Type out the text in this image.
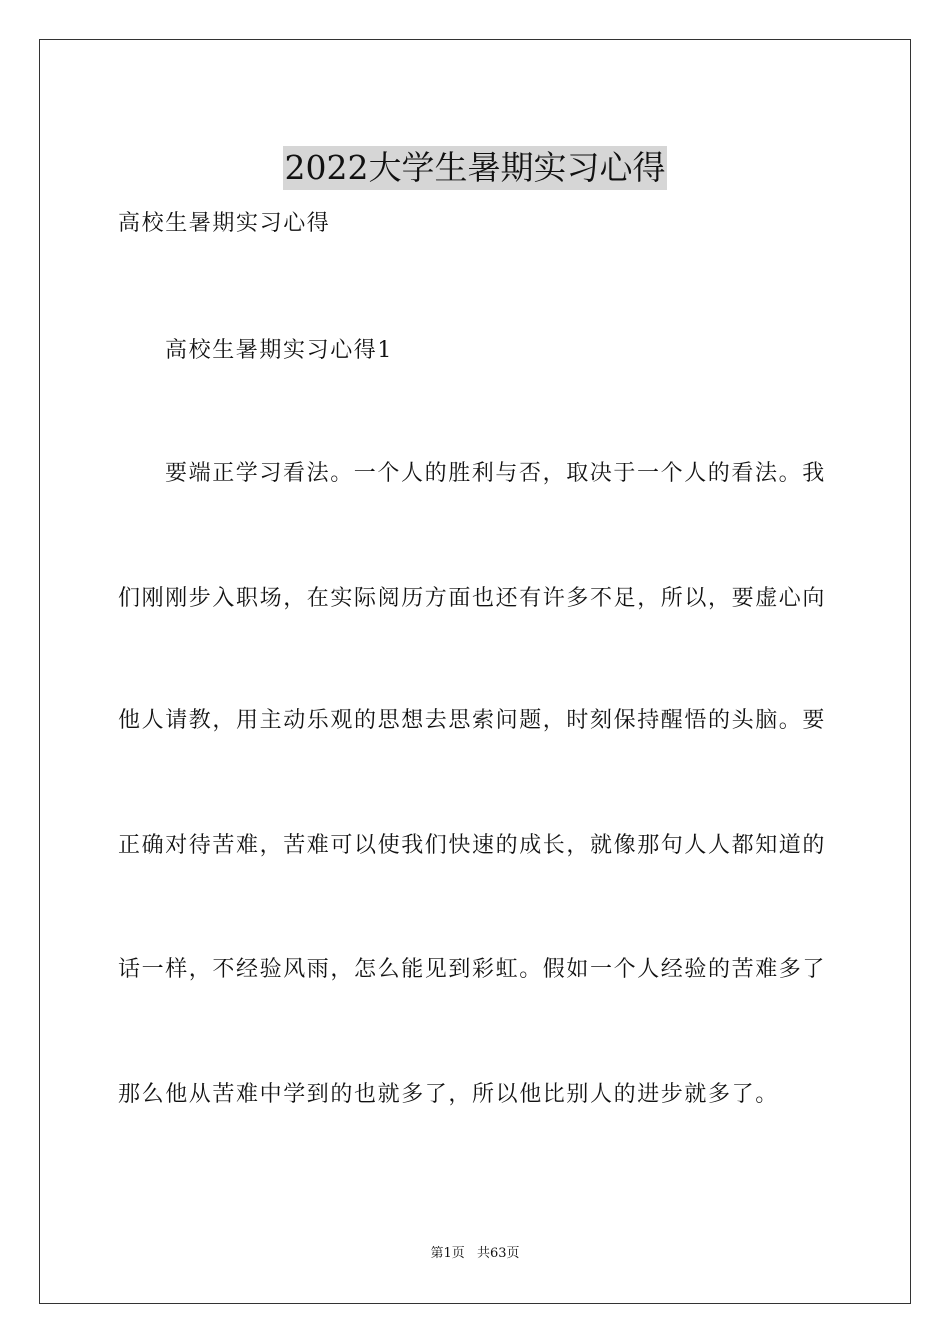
2022大学生暑期实习心得
高校生暑期实习心得
高校生暑期实习心得1
要端正学习看法。一个人的胜利与否，取决于一个人的看法。我
们刚刚步入职场，在实际阅历方面也还有许多不足，所以，要虚心向
他人请教，用主动乐观的思想去思索问题，时刻保持醒悟的头脑。要
正确对待苦难，苦难可以使我们快速的成长，就像那句人人都知道的
话一样，不经验风雨，怎么能见到彩虹。假如一个人经验的苦难多了
那么他从苦难中学到的也就多了，所以他比别人的进步就多了。
第1页 共63页
